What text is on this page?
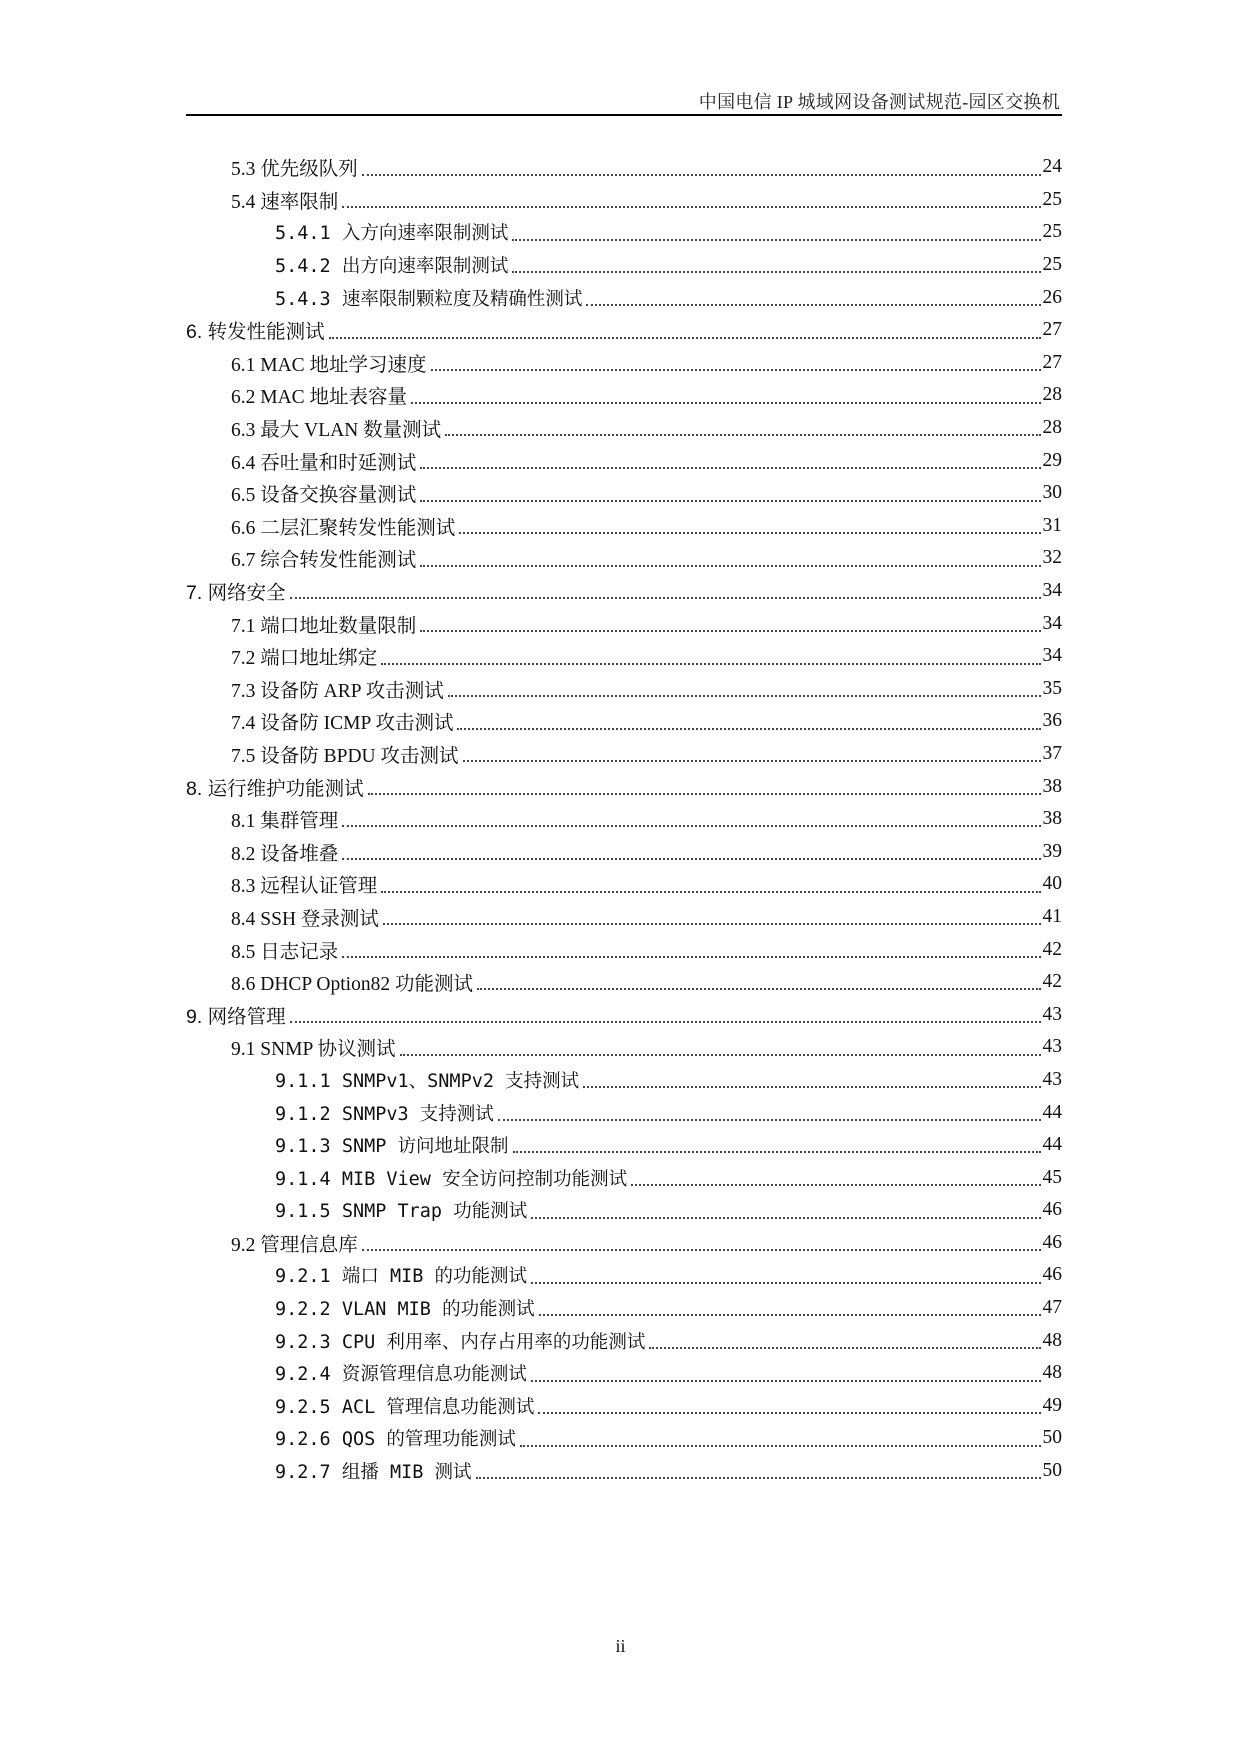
中国电信 IP 城域网设备测试规范-园区交换机
5.3 优先级队列	24
5.4 速率限制	25
5.4.1 入方向速率限制测试	25
5.4.2 出方向速率限制测试	25
5.4.3 速率限制颗粒度及精确性测试	26
6. 转发性能测试	27
6.1 MAC 地址学习速度	27
6.2 MAC 地址表容量	28
6.3 最大 VLAN 数量测试	28
6.4 吞吐量和时延测试	29
6.5 设备交换容量测试	30
6.6 二层汇聚转发性能测试	31
6.7 综合转发性能测试	32
7. 网络安全	34
7.1 端口地址数量限制	34
7.2 端口地址绑定	34
7.3 设备防 ARP 攻击测试	35
7.4 设备防 ICMP 攻击测试	36
7.5 设备防 BPDU 攻击测试	37
8. 运行维护功能测试	38
8.1 集群管理	38
8.2 设备堆叠	39
8.3 远程认证管理	40
8.4 SSH 登录测试	41
8.5 日志记录	42
8.6 DHCP Option82 功能测试	42
9. 网络管理	43
9.1 SNMP 协议测试	43
9.1.1 SNMPv1、SNMPv2 支持测试	43
9.1.2 SNMPv3 支持测试	44
9.1.3 SNMP 访问地址限制	44
9.1.4 MIB View 安全访问控制功能测试	45
9.1.5 SNMP Trap 功能测试	46
9.2 管理信息库	46
9.2.1 端口 MIB 的功能测试	46
9.2.2 VLAN MIB 的功能测试	47
9.2.3 CPU 利用率、内存占用率的功能测试	48
9.2.4 资源管理信息功能测试	48
9.2.5 ACL 管理信息功能测试	49
9.2.6 QOS 的管理功能测试	50
9.2.7 组播 MIB 测试	50
ii
